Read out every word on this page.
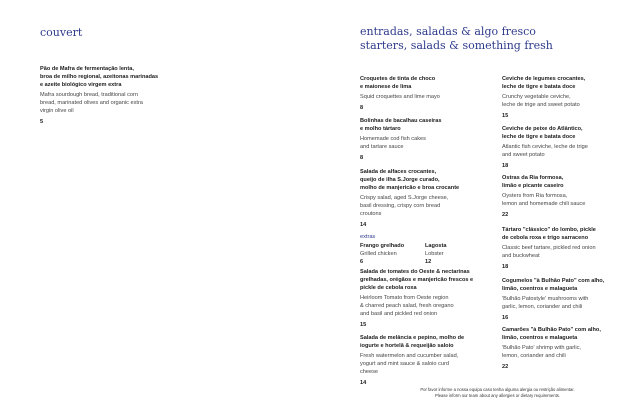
couvert
Pão de Mafra de fermentação lenta,
broa de milho regional, azeitonas marinadas
e azeite biológico virgem extra
Mafra sourdough bread, traditional corn
bread, marinated olives and organic extra
virgin olive oil
5
entradas, saladas & algo fresco
starters, salads & something fresh
extras
Frango grelhado
Grilled chicken
6
Lagosta
Lobster
12
Por favor informe a nossa equipa caso tenha alguma alergia ou restrição alimentar.
Please inform our team about any allergies or dietary requirements.
Croquetes de tinta de choco
e maionese de lima
Squid croquettes and lime mayo
8
Bolinhas de bacalhau caseiras
e molho tártaro
Homemade cod fish cakes
and tartare sauce
8
Salada de alfaces crocantes,
queijo de ilha S.Jorge curado,
molho de manjericão e broa crocante
Crispy salad, aged S.Jorge cheese,
basil dressing, crispy corn bread
croutons
14
Salada de tomates do Oeste & nectarinas
grelhadas, orégãos e manjericão frescos e
pickle de cebola roxa
Heirloom Tomato from Oeste region
& charred peach salad, fresh oregano
and basil and pickled red onion
15
Salada de melância e pepino, molho de
iogurte e hortelã & requeijão saloio
Fresh watermelon and cucumber salad,
yogurt and mint sauce & saloio curd
cheese
14
Ceviche de legumes crocantes,
leche de tigre e batata doce
Crunchy vegetable ceviche,
leche de trige and sweet potato
15
Ceviche de peixe do Atlântico,
leche de tigre e batata doce
Atlantic fish ceviche, leche de trige
and sweet potato
18
Ostras da Ria formosa,
limão e picante caseiro
Oysters from Ria formosa,
lemon and homemade chili sauce
22
Tártaro "clássico" do lombo, pickle
de cebola roxa e trigo sarraceno
Classic beef tartare, pickled red onion
and buckwheat
18
Cogumelos "à Bulhão Pato" com alho,
limão, coentros e malagueta
'Bulhão Patostyle' mushrooms with
garlic, lemon, coriander and chili
16
Camarões "à Bulhão Pato" com alho,
limão, coentros e malagueta
'Bulhão Pato' shrimp with garlic,
lemon, coriander and chili
22
